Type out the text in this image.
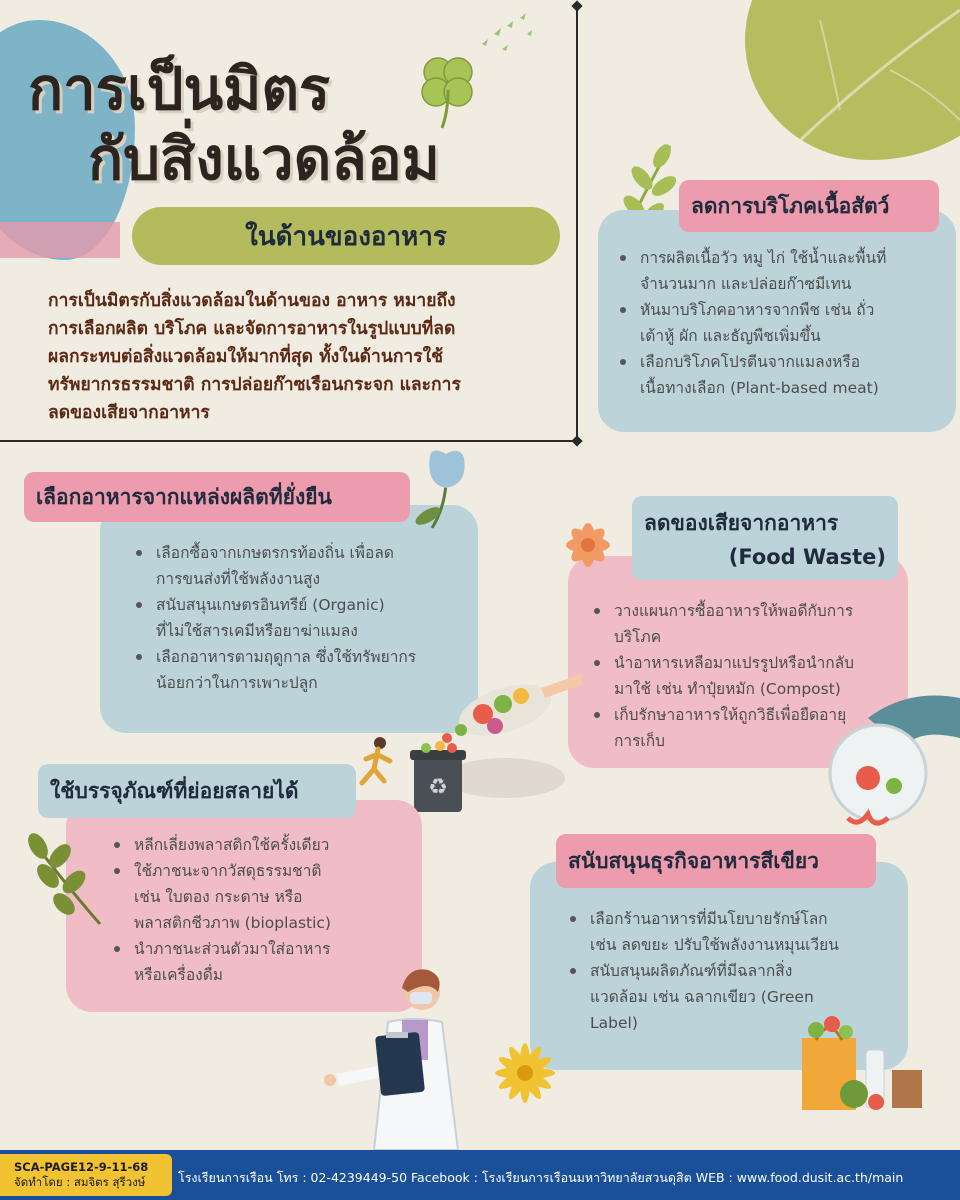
การเป็นมิตร
กับสิ่งแวดล้อม
ในด้านของอาหาร
การเป็นมิตรกับสิ่งแวดล้อมในด้านของ อาหาร หมายถึง
การเลือกผลิต บริโภค และจัดการอาหารในรูปแบบที่ลด
ผลกระทบต่อสิ่งแวดล้อมให้มากที่สุด ทั้งในด้านการใช้
ทรัพยากรธรรมชาติ การปล่อยก๊าซเรือนกระจก และการ
ลดของเสียจากอาหาร
ลดการบริโภคเนื้อสัตว์
การผลิตเนื้อวัว หมู ไก่ ใช้น้ำและพื้นที่
จำนวนมาก และปล่อยก๊าซมีเทน
หันมาบริโภคอาหารจากพืช เช่น ถั่ว
เต้าหู้ ผัก และธัญพืชเพิ่มขึ้น
เลือกบริโภคโปรตีนจากแมลงหรือ
เนื้อทางเลือก (Plant-based meat)
เลือกอาหารจากแหล่งผลิตที่ยั่งยืน
เลือกซื้อจากเกษตรกรท้องถิ่น เพื่อลด
การขนส่งที่ใช้พลังงานสูง
สนับสนุนเกษตรอินทรีย์ (Organic)
ที่ไม่ใช้สารเคมีหรือยาฆ่าแมลง
เลือกอาหารตามฤดูกาล ซึ่งใช้ทรัพยากร
น้อยกว่าในการเพาะปลูก
ลดของเสียจากอาหาร
(Food Waste)
วางแผนการซื้ออาหารให้พอดีกับการ
บริโภค
นำอาหารเหลือมาแปรรูปหรือนำกลับ
มาใช้ เช่น ทำปุ๋ยหมัก (Compost)
เก็บรักษาอาหารให้ถูกวิธีเพื่อยืดอายุ
การเก็บ
♻
ใช้บรรจุภัณฑ์ที่ย่อยสลายได้
หลีกเลี่ยงพลาสติกใช้ครั้งเดียว
ใช้ภาชนะจากวัสดุธรรมชาติ
เช่น ใบตอง กระดาษ หรือ
พลาสติกชีวภาพ (bioplastic)
นำภาชนะส่วนตัวมาใส่อาหาร
หรือเครื่องดื่ม
สนับสนุนธุรกิจอาหารสีเขียว
เลือกร้านอาหารที่มีนโยบายรักษ์โลก
เช่น ลดขยะ ปรับใช้พลังงานหมุนเวียน
สนับสนุนผลิตภัณฑ์ที่มีฉลากสิ่ง
แวดล้อม เช่น ฉลากเขียว (Green
Label)
SCA-PAGE12-9-11-68
จัดทำโดย : สมจิตร สุรีวงษ์	โรงเรียนการเรือน โทร : 02-4239449-50 Facebook : โรงเรียนการเรือนมหาวิทยาลัยสวนดุสิต WEB : www.food.dusit.ac.th/main
